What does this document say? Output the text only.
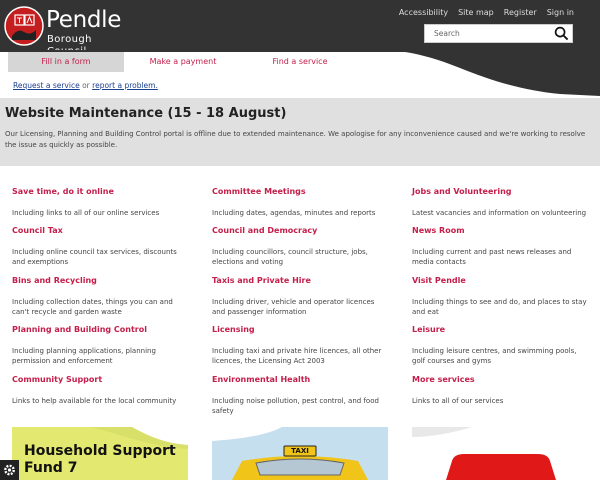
Pendle
Borough
Accessibility Site map Register Sign in
Search
Fill in a form	Make a payment	Find a service
Request a service or report a problem.
Website Maintenance (15 - 18 August)
Our Licensing, Planning and Building Control portal is offline due to extended maintenance. We apologise for any inconvenience caused and we're working to resolve the issue as quickly as possible.
Save time, do it online
Including links to all of our online services
Committee Meetings
Including dates, agendas, minutes and reports
Jobs and Volunteering
Latest vacancies and information on volunteering
Council Tax
Including online council tax services, discounts and exemptions
Council and Democracy
Including councillors, council structure, jobs, elections and voting
News Room
Including current and past news releases and media contacts
Bins and Recycling
Including collection dates, things you can and can't recycle and garden waste
Taxis and Private Hire
Including driver, vehicle and operator licences and passenger information
Visit Pendle
Including things to see and do, and places to stay and eat
Planning and Building Control
Including planning applications, planning permission and enforcement
Licensing
Including taxi and private hire licences, all other licences, the Licensing Act 2003
Leisure
Including leisure centres, and swimming pools, golf courses and gyms
Community Support
Links to help available for the local community
Environmental Health
Including noise pollution, pest control, and food safety
More services
Links to all of our services
Household Support Fund 7
TAXI
